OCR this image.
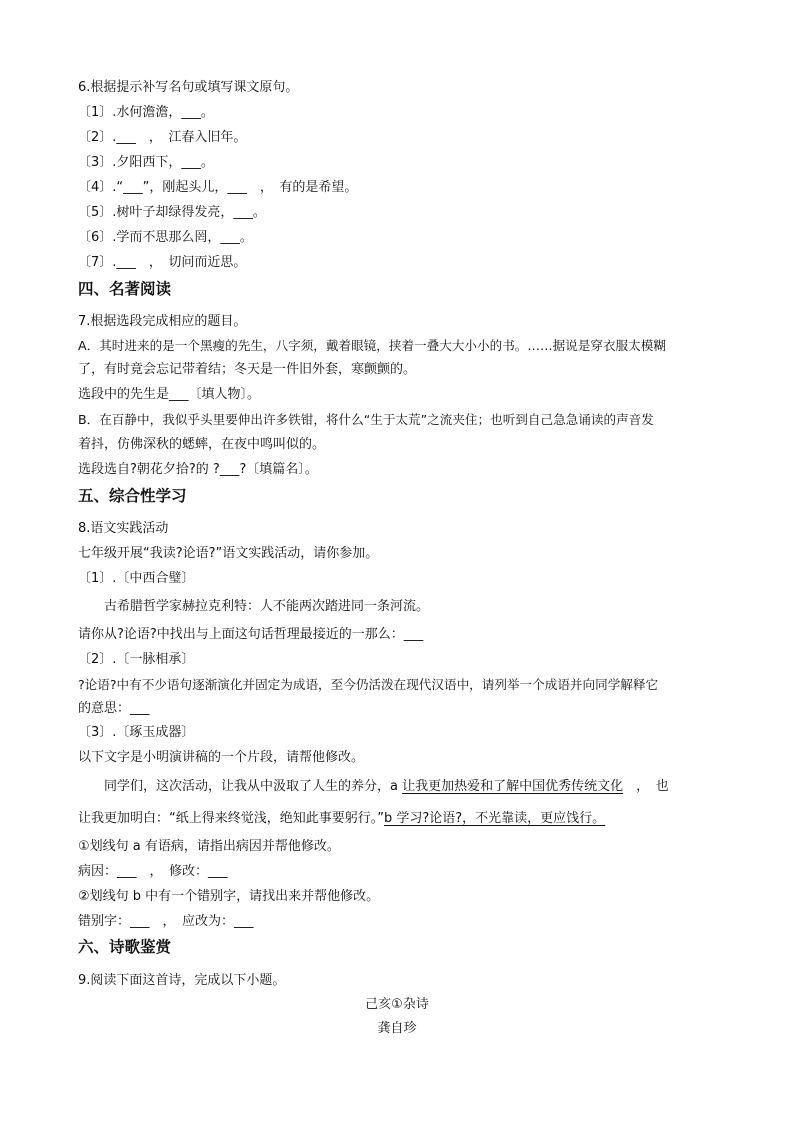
6.根据提示补写名句或填写课文原句。
〔1〕.水何澹澹，___。
〔2〕.___　，　江春入旧年。
〔3〕.夕阳西下，___。
〔4〕.“___”，刚起头儿，___　，　有的是希望。
〔5〕.树叶子却绿得发亮，___。
〔6〕.学而不思那么罔，___。
〔7〕.___　，　切问而近思。
四、名著阅读
7.根据选段完成相应的题目。
A．其时进来的是一个黑瘦的先生，八字须，戴着眼镜，挟着一叠大大小小的书。……据说是穿衣服太模糊
了，有时竟会忘记带着结；冬天是一件旧外套，寒颤颤的。
选段中的先生是___〔填人物〕。
B．在百静中，我似乎头里要伸出许多铁钳，将什么“生于太荒”之流夹住；也听到自己急急诵读的声音发
着抖，仿佛深秋的蟋蟀，在夜中鸣叫似的。
选段选自?朝花夕拾?的 ?___?〔填篇名〕。
五、综合性学习
8.语文实践活动
七年级开展“我读?论语?”语文实践活动，请你参加。
〔1〕.〔中西合璧〕
古希腊哲学家赫拉克利特：人不能两次踏进同一条河流。
请你从?论语?中找出与上面这句话哲理最接近的一那么：___
〔2〕.〔一脉相承〕
?论语?中有不少语句逐渐演化并固定为成语，至今仍活泼在现代汉语中，请列举一个成语并向同学解释它
的意思：___
〔3〕.〔琢玉成器〕
以下文字是小明演讲稿的一个片段，请帮他修改。
同学们，这次活动，让我从中汲取了人生的养分，a 让我更加热爱和了解中国优秀传统文化　，　也
让我更加明白：“纸上得来终觉浅，绝知此事要躬行。”b 学习?论语?，不光靠读，更应饯行。
①划线句 a 有语病，请指出病因并帮他修改。
病因：___　，　修改：___
②划线句 b 中有一个错别字，请找出来并帮他修改。
错别字：___　，　应改为：___
六、诗歌鉴赏
9.阅读下面这首诗，完成以下小题。
己亥①杂诗
龚自珍
